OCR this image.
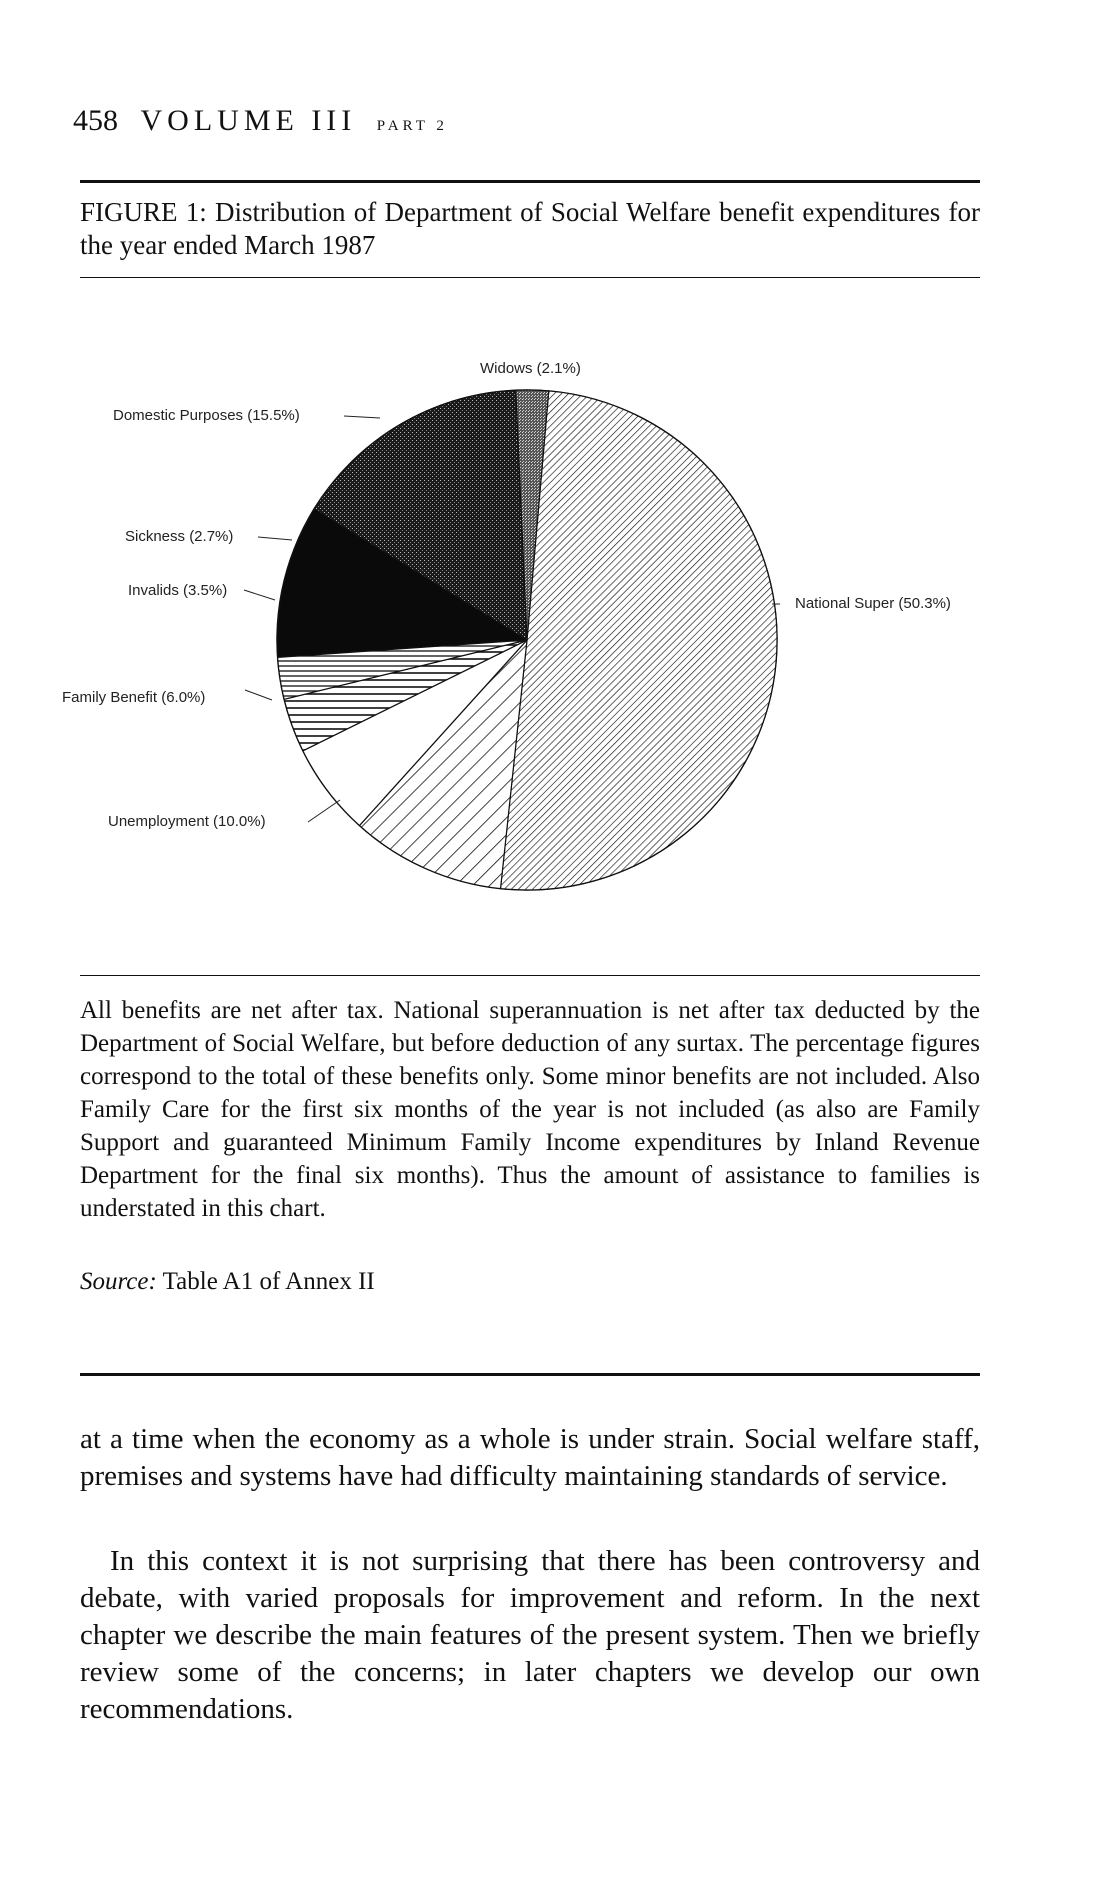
458 VOLUME III PART 2
FIGURE 1: Distribution of Department of Social Welfare benefit expenditures for the year ended March 1987
National Super (50.3%)
Unemployment (10.0%)
Family Benefit (6.0%)
Invalids (3.5%)
Sickness (2.7%)
Domestic Purposes (15.5%)
Widows (2.1%)
All benefits are net after tax. National superannuation is net after tax deducted by the Department of Social Welfare, but before deduction of any surtax. The percentage figures correspond to the total of these benefits only. Some minor benefits are not included. Also Family Care for the first six months of the year is not included (as also are Family Support and guaranteed Minimum Family Income expenditures by Inland Revenue Department for the final six months). Thus the amount of assistance to families is understated in this chart.
Source: Table A1 of Annex II
at a time when the economy as a whole is under strain. Social welfare staff, premises and systems have had difficulty maintaining standards of service.
In this context it is not surprising that there has been controversy and debate, with varied proposals for improvement and reform. In the next chapter we describe the main features of the present system. Then we briefly review some of the concerns; in later chapters we develop our own recommendations.
